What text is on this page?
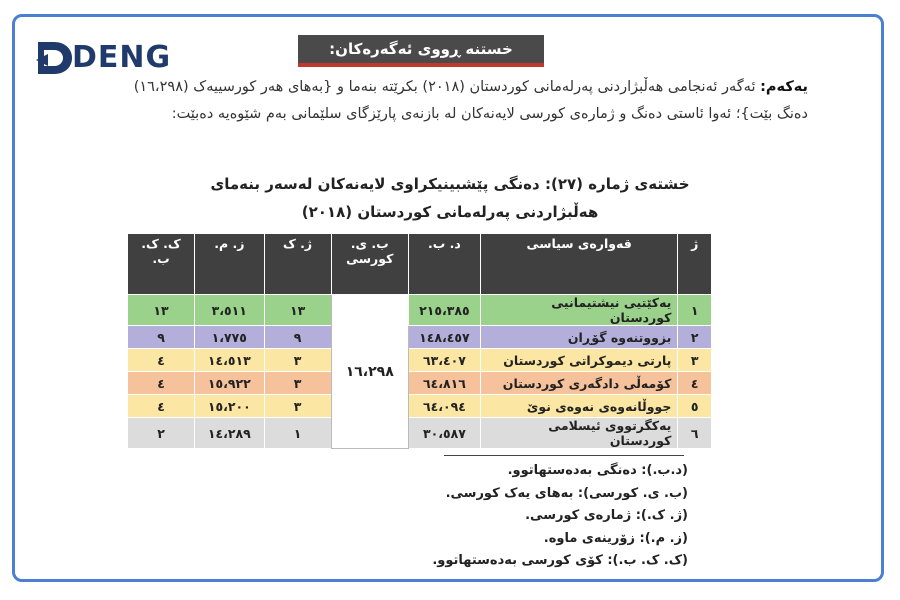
DENG	خستنە ڕووی ئەگەرەکان:
یەکەم: ئەگەر ئەنجامی هەڵبژاردنی پەرلەمانی کوردستان (٢٠١٨) بکرێتە بنەما و {بەهای هەر کورسییەک (١٦،٢٩٨) دەنگ بێت}؛ ئەوا ئاستی دەنگ و ژمارەی کورسی لایەنەکان لە بازنەی پارێزگای سلێمانی بەم شێوەیە دەبێت:
خشتەی ژمارە (٢٧): دەنگی پێشبینیکراوی لایەنەکان لەسەر بنەمای
هەڵبژاردنی پەرلەمانی کوردستان (٢٠١٨)
ژ	قەوارەی سیاسی	د. ب.	ب. ی. کورسی	ژ. ک	ز. م.	ک. ک. ب.
١	یەکێتیی نیشتیمانیی کوردستان	٢١٥،٣٨٥	١٦،٢٩٨	١٣	٣،٥١١	١٣
٢	بزووتنەوە گۆڕان	١٤٨،٤٥٧		٩	١،٧٧٥	٩
٣	پارتی دیموکراتی کوردستان	٦٣،٤٠٧		٣	١٤،٥١٣	٤
٤	کۆمەڵی دادگەری کوردستان	٦٤،٨١٦		٣	١٥،٩٢٢	٤
٥	جووڵانەوەی نەوەی نوێ	٦٤،٠٩٤		٣	١٥،٢٠٠	٤
٦	یەکگرتووی ئیسلامی کوردستان	٣٠،٥٨٧		١	١٤،٢٨٩	٢
(د.ب.): دەنگی بەدەستهاتوو.
(ب. ی. کورسی): بەهای یەک کورسی.
(ژ. ک.): ژمارەی کورسی.
(ز. م.): زۆرینەی ماوە.
(ک. ک. ب.): کۆی کورسی بەدەستهاتوو.
